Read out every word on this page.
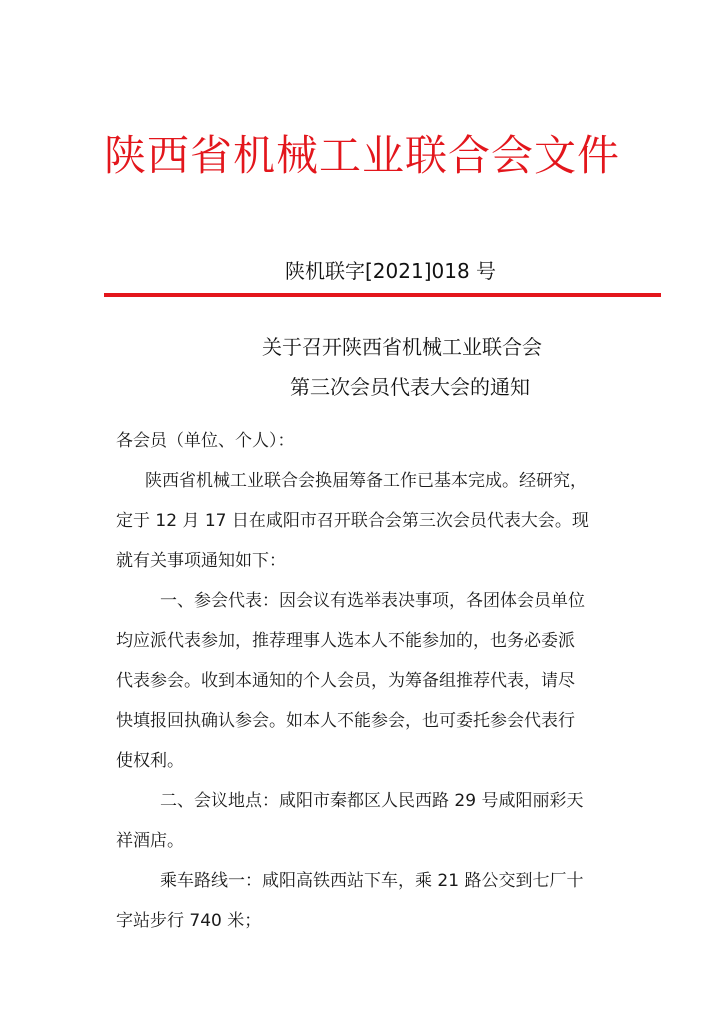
陕西省机械工业联合会文件
陕机联字[2021]018 号
关于召开陕西省机械工业联合会
第三次会员代表大会的通知
各会员（单位、个人）：
陕西省机械工业联合会换届筹备工作已基本完成。经研究，
定于 12 月 17 日在咸阳市召开联合会第三次会员代表大会。现
就有关事项通知如下：
一、参会代表：因会议有选举表决事项，各团体会员单位
均应派代表参加，推荐理事人选本人不能参加的，也务必委派
代表参会。收到本通知的个人会员，为筹备组推荐代表，请尽
快填报回执确认参会。如本人不能参会，也可委托参会代表行
使权利。
二、会议地点：咸阳市秦都区人民西路 29 号咸阳丽彩天
祥酒店。
乘车路线一：咸阳高铁西站下车，乘 21 路公交到七厂十
字站步行 740 米；
